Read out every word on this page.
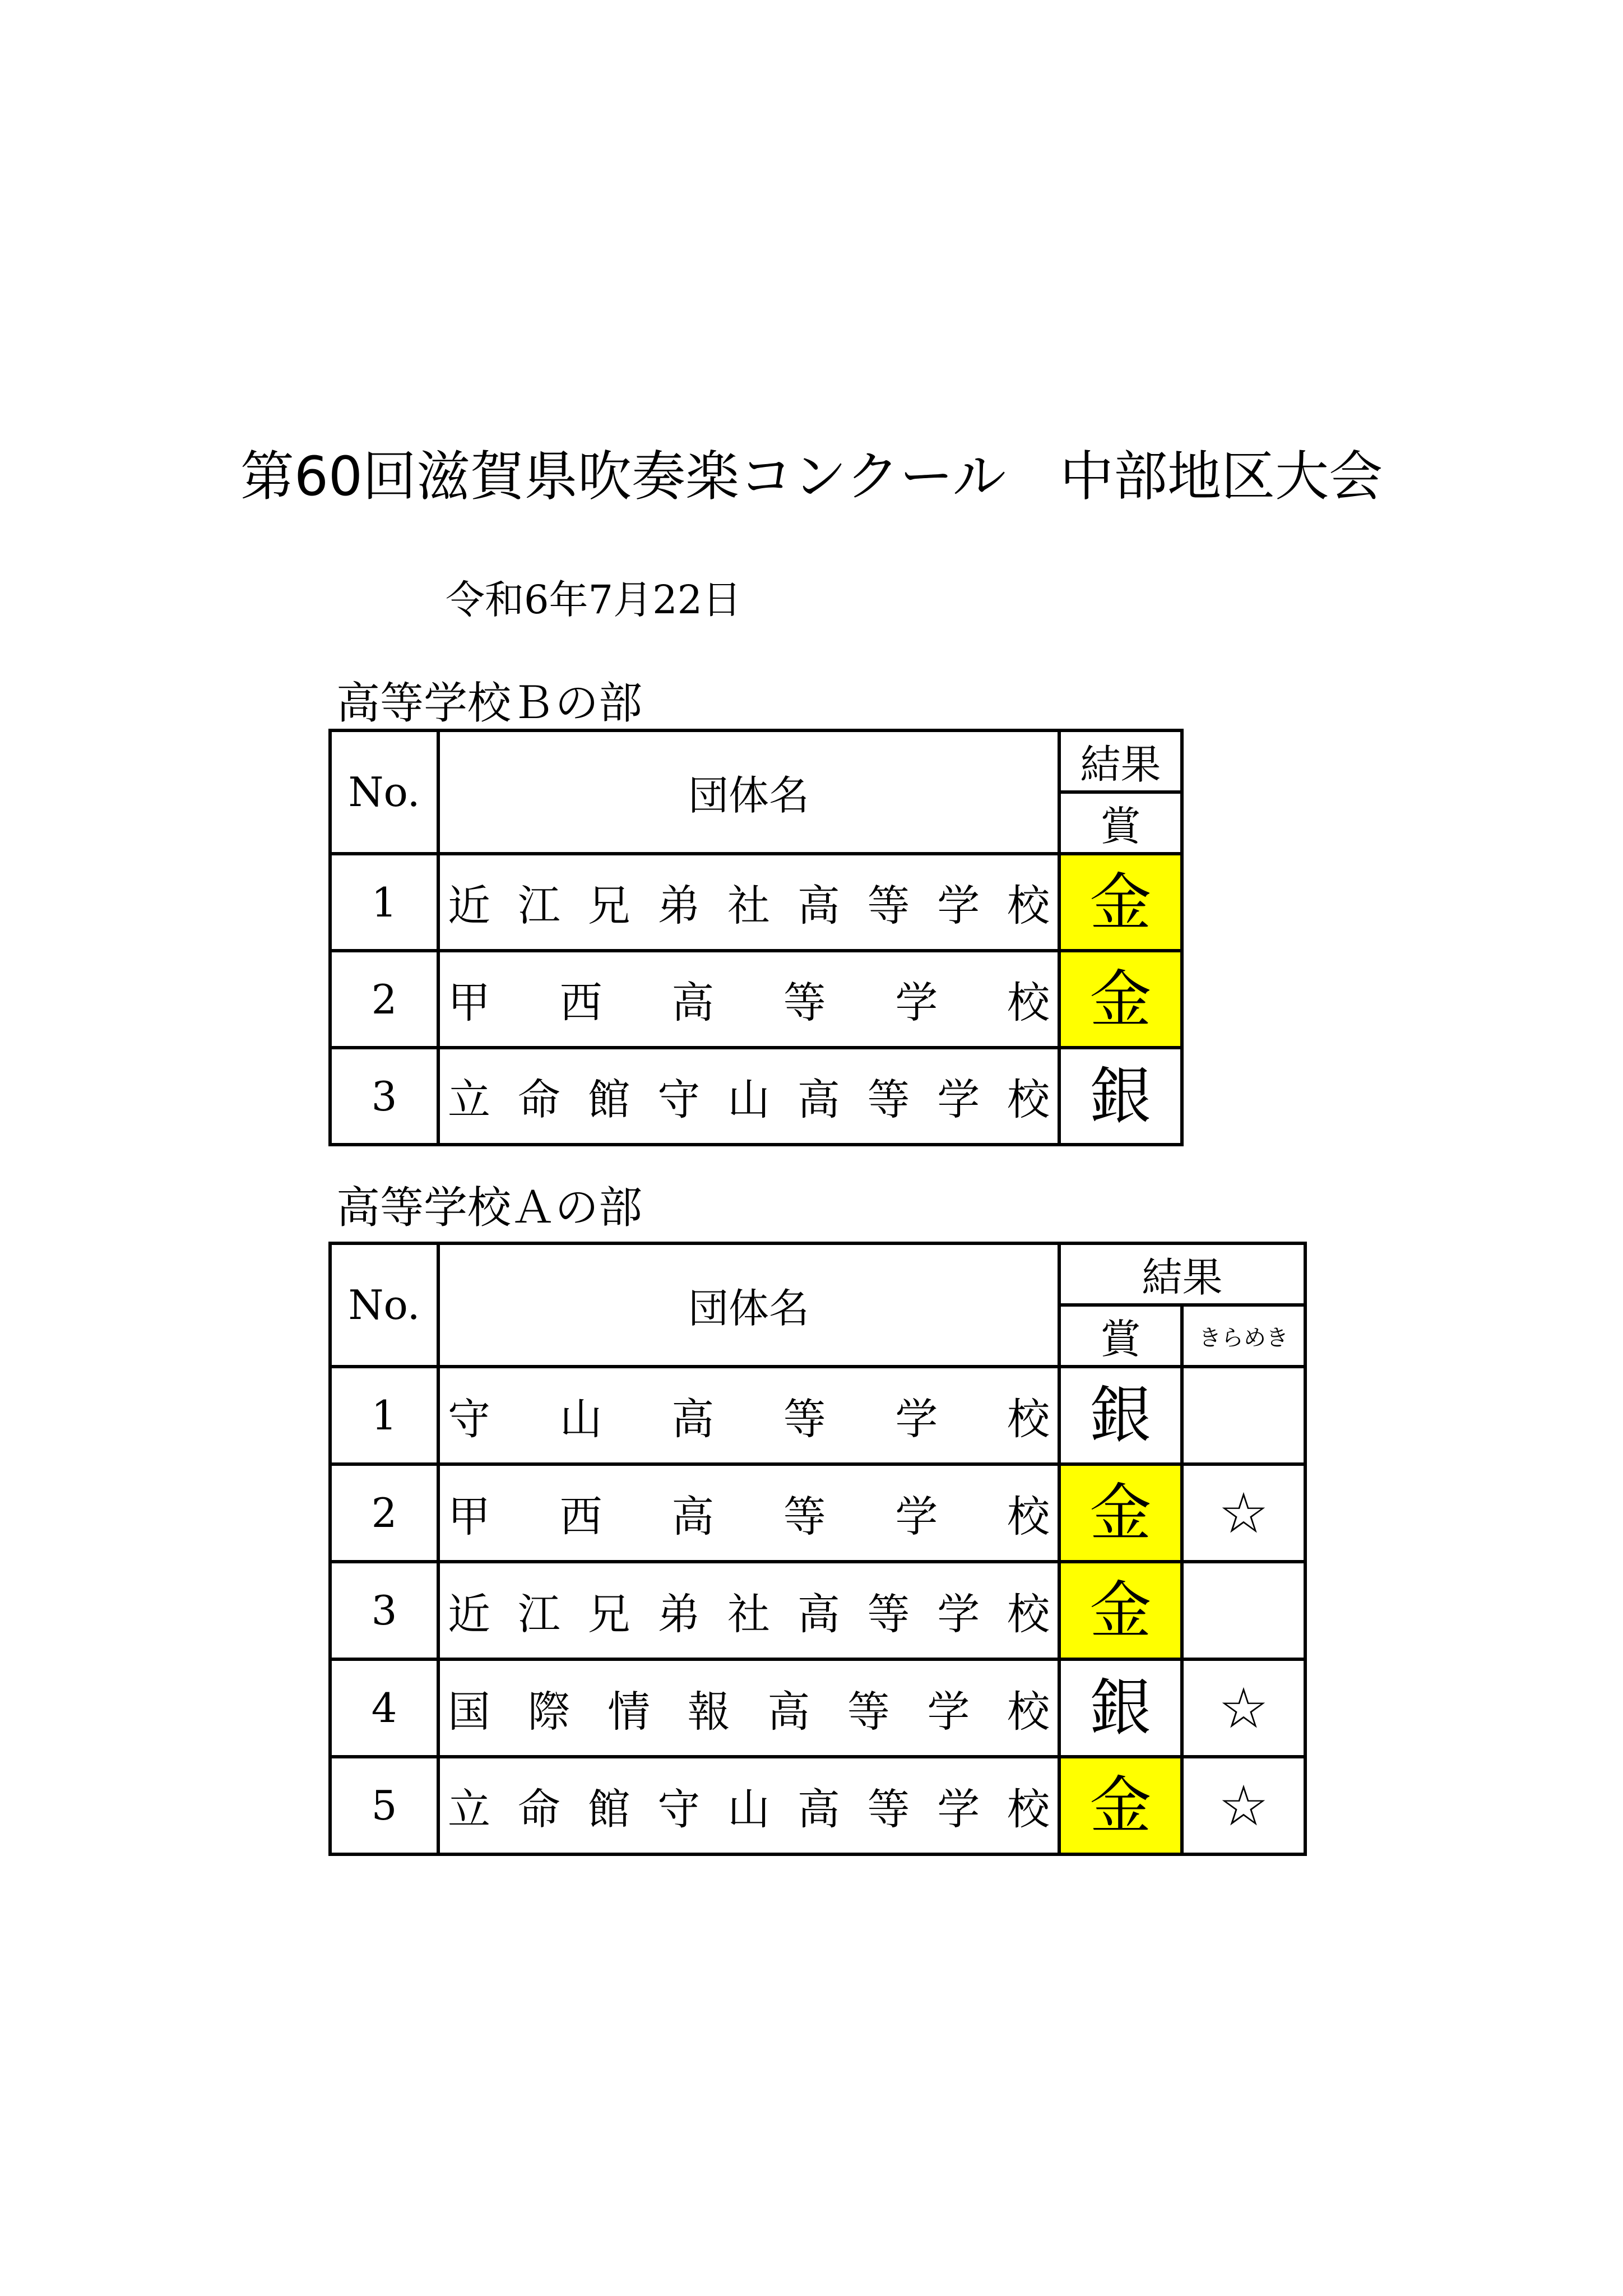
第60回滋賀県吹奏楽コンクール　中部地区大会
令和6年7月22日
高等学校Ｂの部
No.	団体名	結果
		賞
1	近 江 兄 弟 社 高 等 学 校	金
2	甲 西 高 等 学 校	金
3	立 命 館 守 山 高 等 学 校	銀
高等学校Ａの部
No.	団体名	結果	
		賞	きらめき
1	守 山 高 等 学 校	銀	
2	甲 西 高 等 学 校	金	☆
3	近 江 兄 弟 社 高 等 学 校	金	
4	国 際 情 報 高 等 学 校	銀	☆
5	立 命 館 守 山 高 等 学 校	金	☆
